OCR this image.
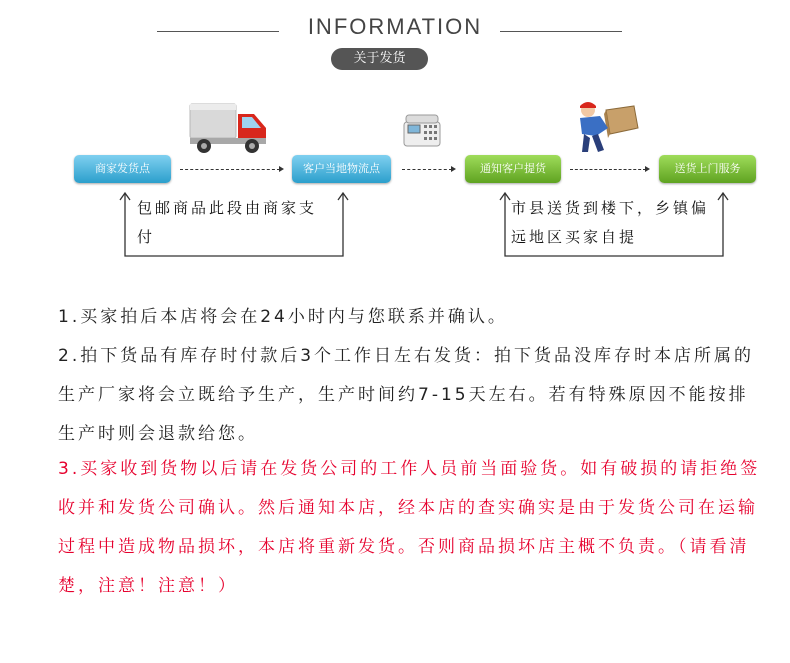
INFORMATION
关于发货
商家发货点	客户当地物流点	通知客户提货	送货上门服务
包邮商品此段由商家支付
市县送货到楼下，乡镇偏远地区买家自提
1.买家拍后本店将会在24小时内与您联系并确认。
2.拍下货品有库存时付款后3个工作日左右发货：拍下货品没库存时本店所属的生产厂家将会立既给予生产，生产时间约7-15天左右。若有特殊原因不能按排生产时则会退款给您。
3.买家收到货物以后请在发货公司的工作人员前当面验货。如有破损的请拒绝签收并和发货公司确认。然后通知本店，经本店的查实确实是由于发货公司在运输过程中造成物品损坏，本店将重新发货。否则商品损坏店主概不负责。（请看清楚，注意！注意！）
